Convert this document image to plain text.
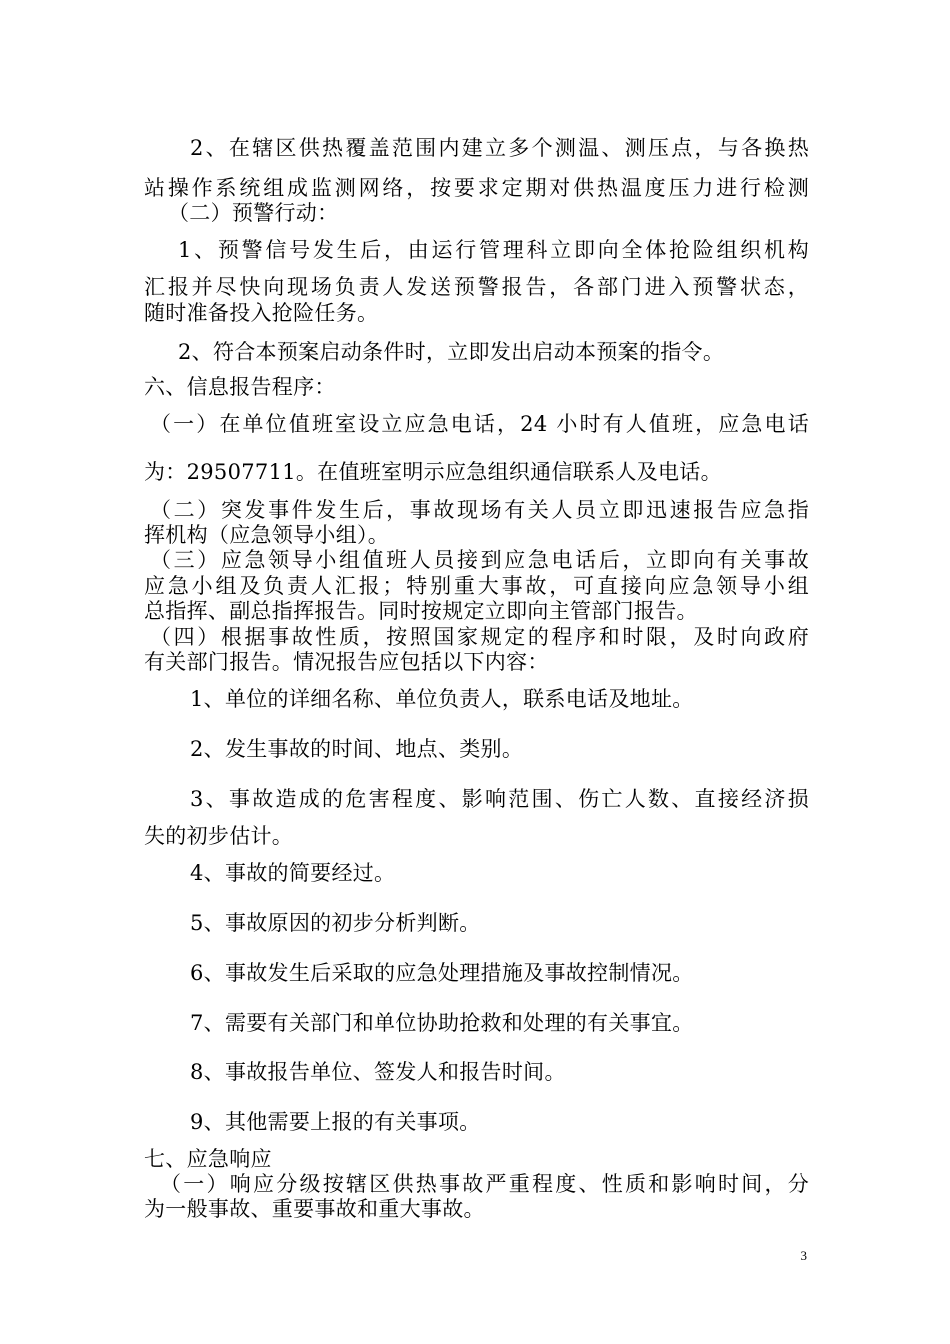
2、在辖区供热覆盖范围内建立多个测温、测压点，与各换热
站操作系统组成监测网络，按要求定期对供热温度压力进行检测
（二）预警行动：
1、预警信号发生后，由运行管理科立即向全体抢险组织机构
汇报并尽快向现场负责人发送预警报告，各部门进入预警状态，
随时准备投入抢险任务。
2、符合本预案启动条件时，立即发出启动本预案的指令。
六、信息报告程序：
（一）在单位值班室设立应急电话，24 小时有人值班，应急电话
为：29507711。在值班室明示应急组织通信联系人及电话。
（二）突发事件发生后，事故现场有关人员立即迅速报告应急指
挥机构（应急领导小组）。
（三）应急领导小组值班人员接到应急电话后，立即向有关事故
应急小组及负责人汇报；特别重大事故，可直接向应急领导小组
总指挥、副总指挥报告。同时按规定立即向主管部门报告。
（四）根据事故性质，按照国家规定的程序和时限，及时向政府
有关部门报告。情况报告应包括以下内容：
1、单位的详细名称、单位负责人，联系电话及地址。
2、发生事故的时间、地点、类别。
3、事故造成的危害程度、影响范围、伤亡人数、直接经济损
失的初步估计。
4、事故的简要经过。
5、事故原因的初步分析判断。
6、事故发生后采取的应急处理措施及事故控制情况。
7、需要有关部门和单位协助抢救和处理的有关事宜。
8、事故报告单位、签发人和报告时间。
9、其他需要上报的有关事项。
七、应急响应
（一）响应分级按辖区供热事故严重程度、性质和影响时间，分
为一般事故、重要事故和重大事故。
3
